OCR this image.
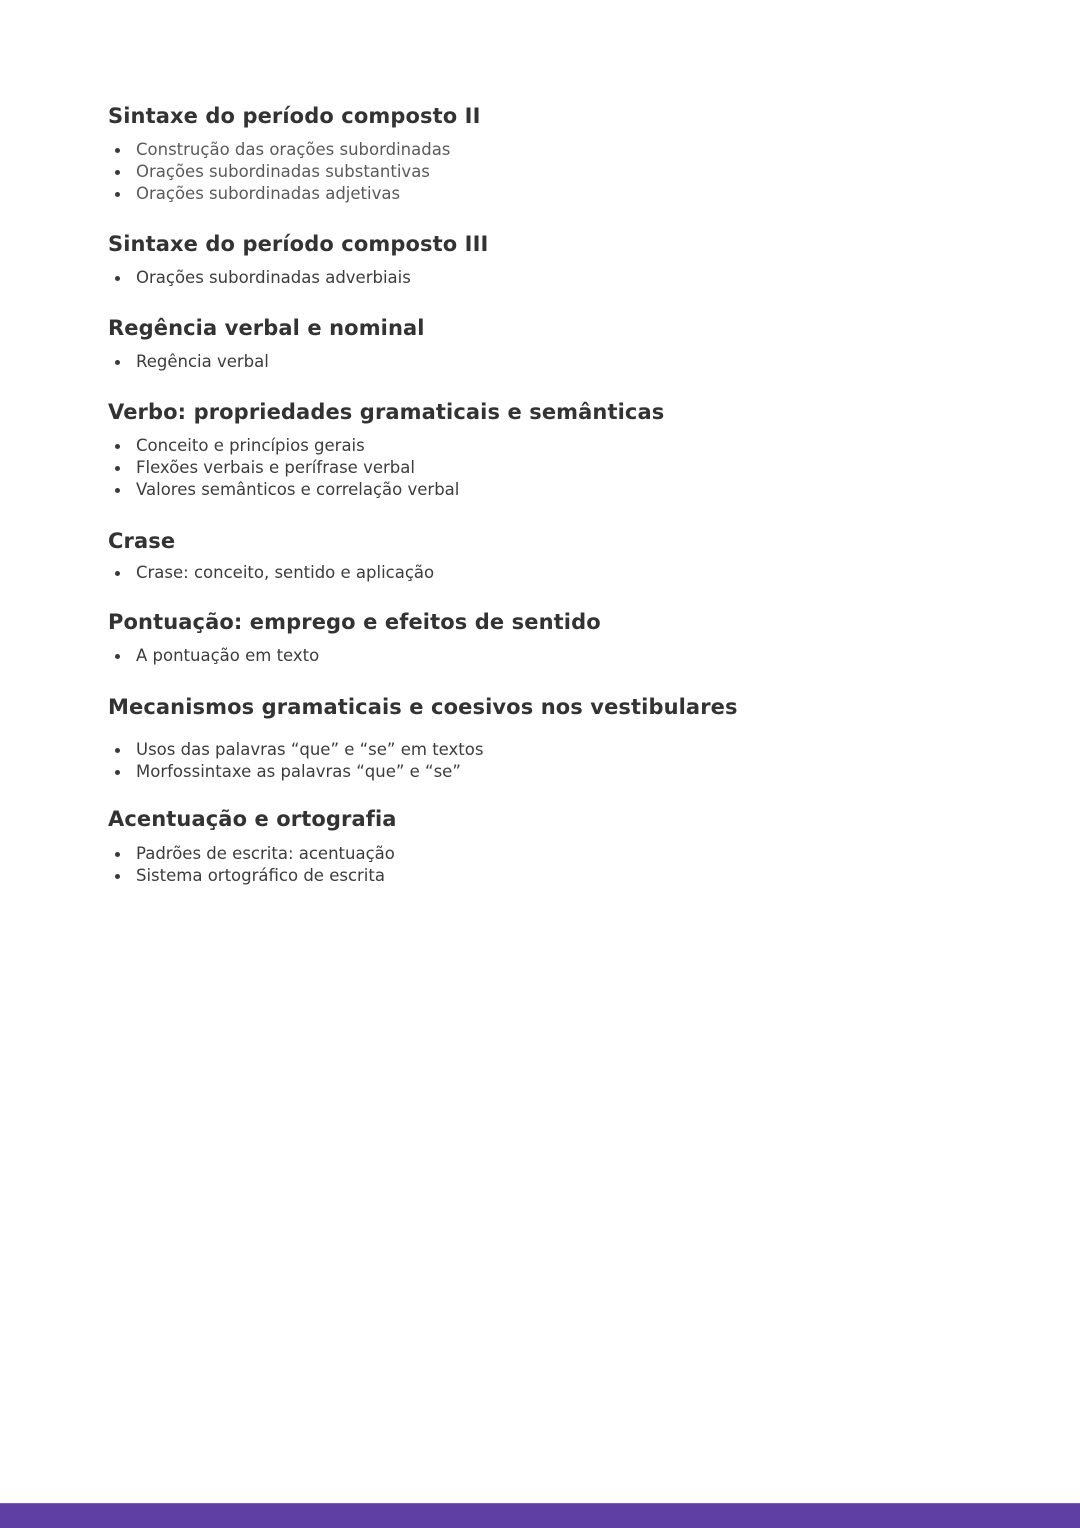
Sintaxe do período composto II
Construção das orações subordinadas
Orações subordinadas substantivas
Orações subordinadas adjetivas
Sintaxe do período composto III
Orações subordinadas adverbiais
Regência verbal e nominal
Regência verbal
Verbo: propriedades gramaticais e semânticas
Conceito e princípios gerais
Flexões verbais e perífrase verbal
Valores semânticos e correlação verbal
Crase
Crase: conceito, sentido e aplicação
Pontuação: emprego e efeitos de sentido
A pontuação em texto
Mecanismos gramaticais e coesivos nos vestibulares
Usos das palavras “que” e “se” em textos
Morfossintaxe as palavras “que” e “se”
Acentuação e ortografia
Padrões de escrita: acentuação
Sistema ortográfico de escrita
